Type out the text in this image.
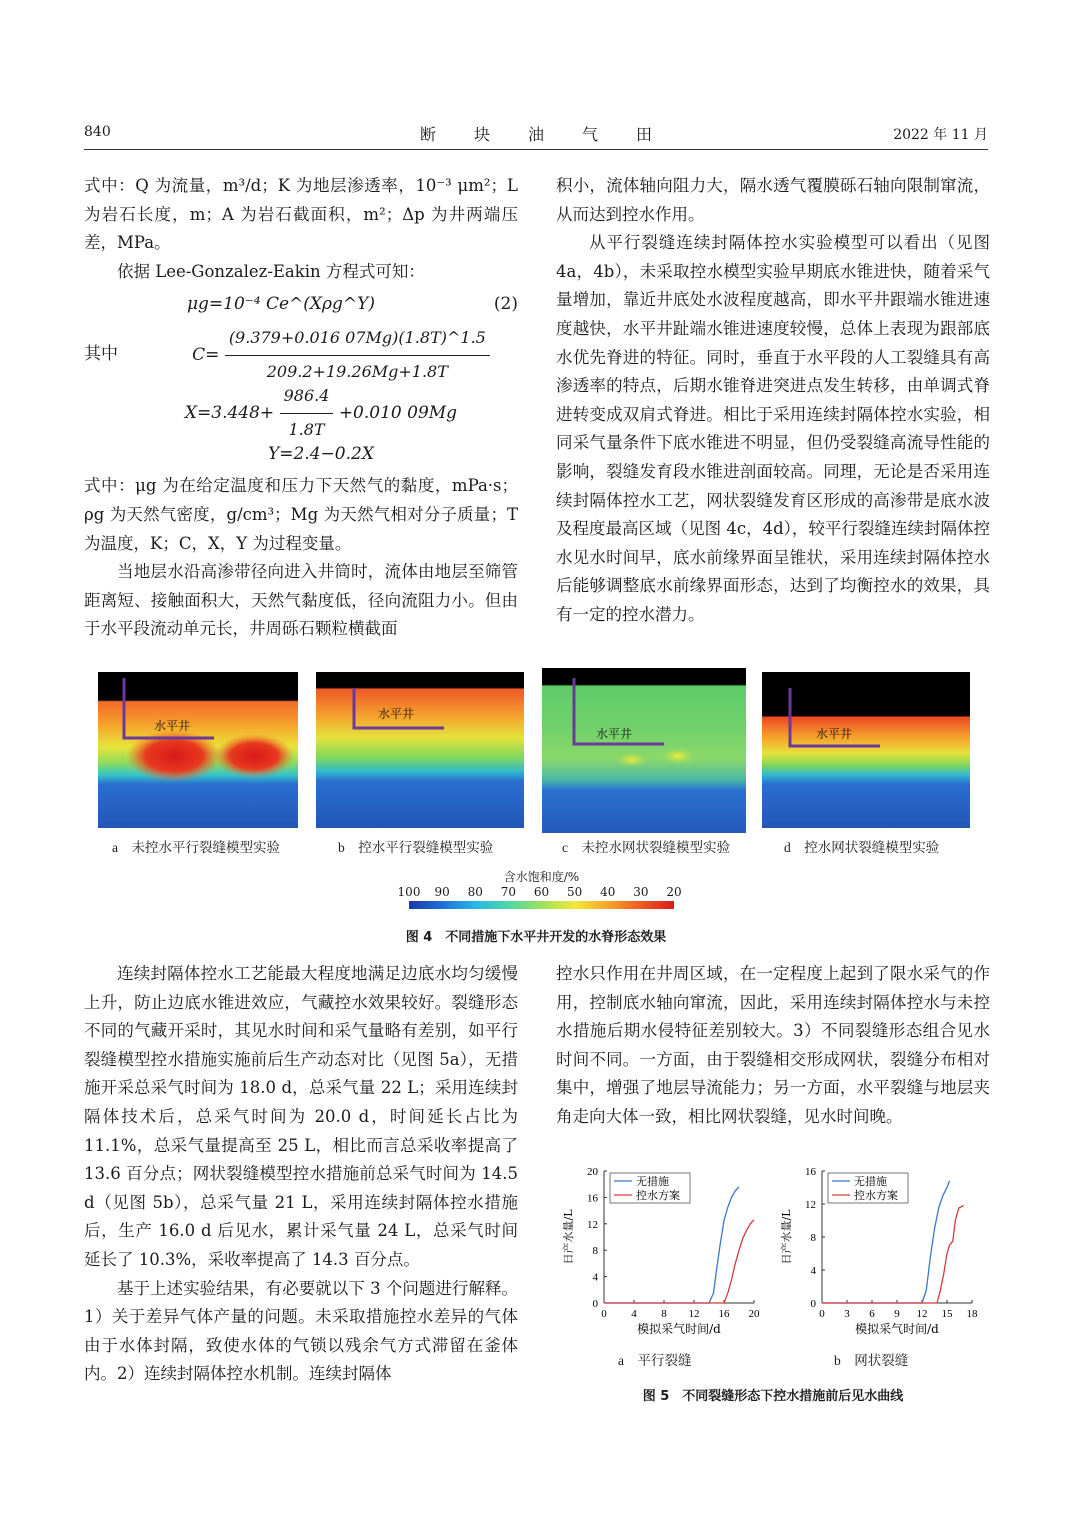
840	断块油气田	2022 年 11 月

式中：Q 为流量，m³/d；K 为地层渗透率，10⁻³ μm²；L 为岩石长度，m；A 为岩石截面积，m²；Δp 为井两端压差，MPa。

依据 Lee-Gonzalez-Eakin 方程式可知：

μg=10⁻⁴ Ce^(Xρg^Y)	(2)
其中	$C= \frac{(9.379+0.016 07Mg)(1.8T)\^{}1.5}{209.2+19.26Mg+1.8T}$
$X=3.448+ \frac{986.4}{1.8T} +0.010$ 09Mg
Y=2.4−0.2X

式中：μg 为在给定温度和压力下天然气的黏度，mPa·s；ρg 为天然气密度，g/cm³；Mg 为天然气相对分子质量；T 为温度，K；C，X，Y 为过程变量。

当地层水沿高渗带径向进入井筒时，流体由地层至筛管距离短、接触面积大，天然气黏度低，径向流阻力小。但由于水平段流动单元长，井周砾石颗粒横截面

积小，流体轴向阻力大，隔水透气覆膜砾石轴向限制窜流，从而达到控水作用。

从平行裂缝连续封隔体控水实验模型可以看出（见图 4a，4b），未采取控水模型实验早期底水锥进快，随着采气量增加，靠近井底处水波程度越高，即水平井跟端水锥进速度越快，水平井趾端水锥进速度较慢，总体上表现为跟部底水优先脊进的特征。同时，垂直于水平段的人工裂缝具有高渗透率的特点，后期水锥脊进突进点发生转移，由单调式脊进转变成双肩式脊进。相比于采用连续封隔体控水实验，相同采气量条件下底水锥进不明显，但仍受裂缝高流导性能的影响，裂缝发育段水锥进剖面较高。同理，无论是否采用连续封隔体控水工艺，网状裂缝发育区形成的高渗带是底水波及程度最高区域（见图 4c，4d），较平行裂缝连续封隔体控水见水时间早，底水前缘界面呈锥状，采用连续封隔体控水后能够调整底水前缘界面形态，达到了均衡控水的效果，具有一定的控水潜力。

水平井
水平井
水平井	水平井
a　未控水平行裂缝模型实验	b　控水平行裂缝模型实验	c　未控水网状裂缝模型实验	d　控水网状裂缝模型实验
含水饱和度/%
100 90 80 70 60 50 40 30 20
图 4　不同措施下水平井开发的水脊形态效果

连续封隔体控水工艺能最大程度地满足边底水均匀缓慢上升，防止边底水锥进效应，气藏控水效果较好。裂缝形态不同的气藏开采时，其见水时间和采气量略有差别，如平行裂缝模型控水措施实施前后生产动态对比（见图 5a），无措施开采总采气时间为 18.0 d，总采气量 22 L；采用连续封隔体技术后，总采气时间为 20.0 d，时间延长占比为 11.1%，总采气量提高至 25 L，相比而言总采收率提高了 13.6 百分点；网状裂缝模型控水措施前总采气时间为 14.5 d（见图 5b），总采气量 21 L，采用连续封隔体控水措施后，生产 16.0 d 后见水，累计采气量 24 L，总采气时间延长了 10.3%，采收率提高了 14.3 百分点。

基于上述实验结果，有必要就以下 3 个问题进行解释。1）关于差异气体产量的问题。未采取措施控水差异的气体由于水体封隔，致使水体的气锁以残余气方式滞留在釜体内。2）连续封隔体控水机制。连续封隔体

控水只作用在井周区域，在一定程度上起到了限水采气的作用，控制底水轴向窜流，因此，采用连续封隔体控水与未控水措施后期水侵特征差别较大。3）不同裂缝形态组合见水时间不同。一方面，由于裂缝相交形成网状，裂缝分布相对集中，增强了地层导流能力；另一方面，水平裂缝与地层夹角走向大体一致，相比网状裂缝，见水时间晚。

0 4 8 12 16 20
0
4
8
12
16
20
模拟采气时间/d
日产水量/L
无措施
控水方案
0 3 6 9 12 15 18
0
4
8
12
16
模拟采气时间/d
日产水量/L
无措施
控水方案
a　平行裂缝	b　网状裂缝
图 5　不同裂缝形态下控水措施前后见水曲线
